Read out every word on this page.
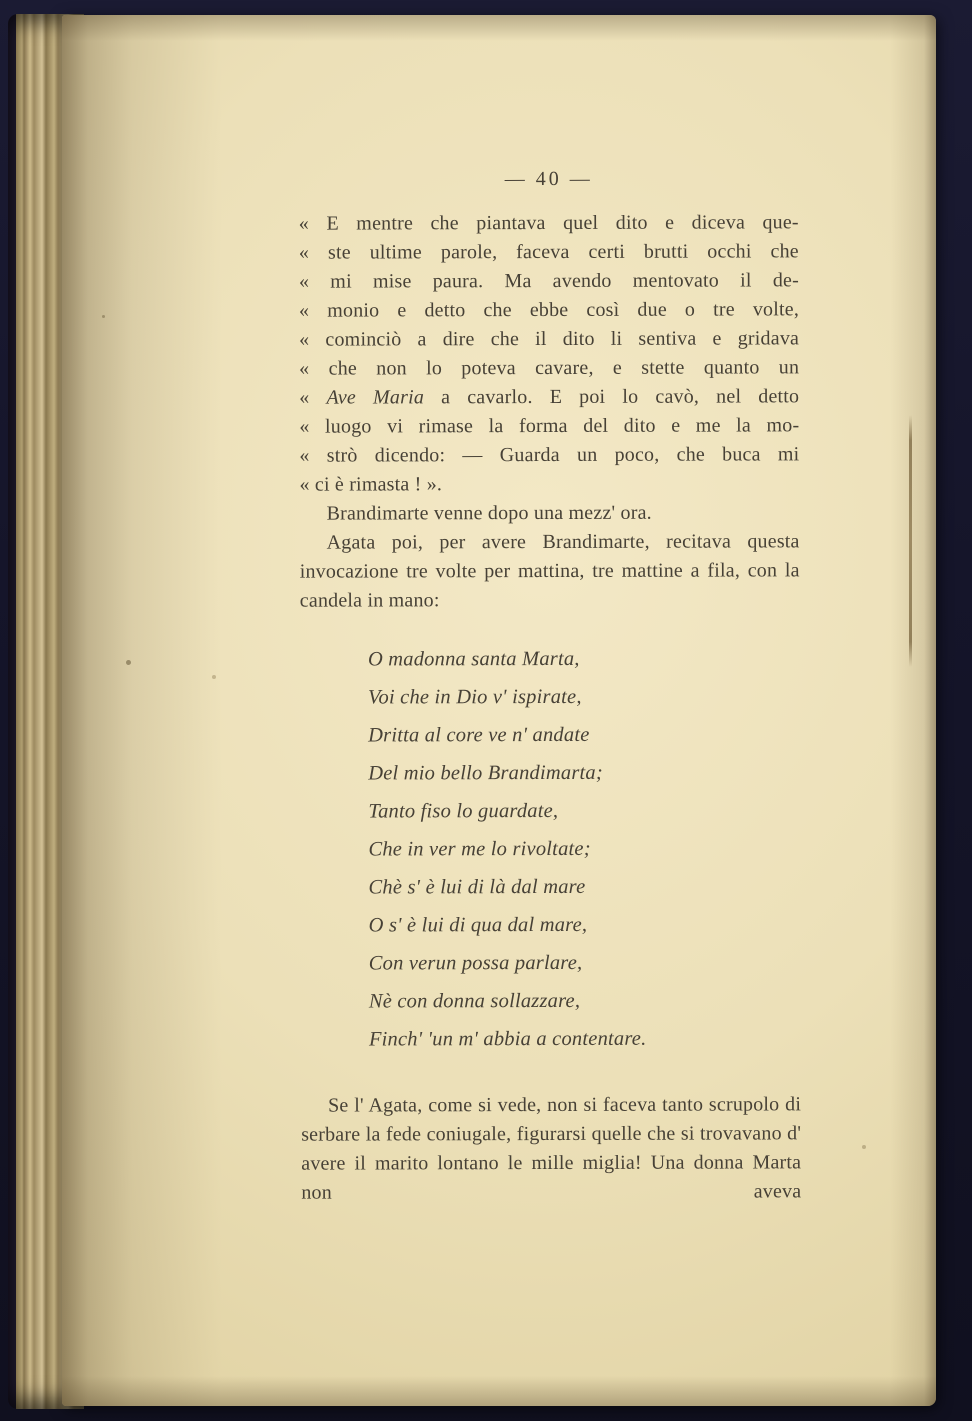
— 40 —
« E mentre che piantava quel dito e diceva que-
« ste ultime parole, faceva certi brutti occhi che
« mi mise paura. Ma avendo mentovato il de-
« monio e detto che ebbe così due o tre volte,
« cominciò a dire che il dito li sentiva e gridava
« che non lo poteva cavare, e stette quanto un
« Ave Maria a cavarlo. E poi lo cavò, nel detto
« luogo vi rimase la forma del dito e me la mo-
« strò dicendo: — Guarda un poco, che buca mi
« ci è rimasta ! ».
Brandimarte venne dopo una mezz' ora.
Agata poi, per avere Brandimarte, recitava questa invocazione tre volte per mattina, tre mattine a fila, con la candela in mano:
O madonna santa Marta,
Voi che in Dio v' ispirate,
Dritta al core ve n' andate
Del mio bello Brandimarta;
Tanto fiso lo guardate,
Che in ver me lo rivoltate;
Chè s' è lui di là dal mare
O s' è lui di qua dal mare,
Con verun possa parlare,
Nè con donna sollazzare,
Finch' 'un m' abbia a contentare.
Se l' Agata, come si vede, non si faceva tanto scrupolo di serbare la fede coniugale, figurarsi quelle che si trovavano d' avere il marito lontano le mille miglia! Una donna Marta non aveva
